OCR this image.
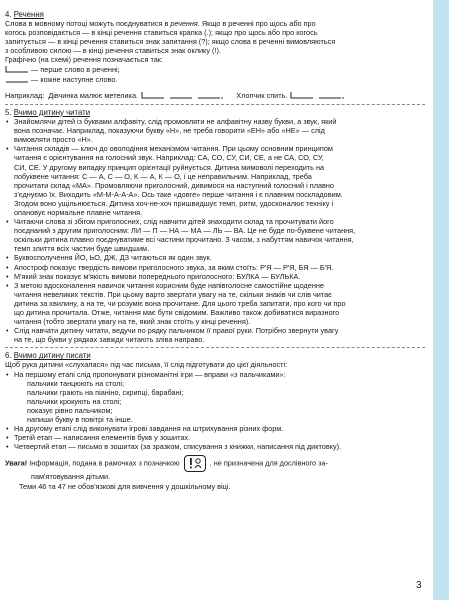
4. Речення

Слова в мовному потоці можуть поєднуватися в речення. Якщо в реченні про щось або про

когось розповідається — в кінці речення ставиться крапка (.); якщо про щось або про когось

запитується — в кінці речення ставиться знак запитання (?); якщо слова в реченні вимовляються

з особливою силою — в кінці речення ставиться знак оклику (!).

Графічно (на схемі) речення позначається так:

— перше слово в реченні;

— кожне наступне слово.

Наприклад: Дівчинка малює метелика.	Хлопчик спить.

5. Вчимо дитину читати

• Знайомлячи дітей із буквами алфавіту, слід промовляти не алфавітну назву букви, а звук, який

вона позначає. Наприклад, показуючи букву «Н», не треба говорити «ЕН» або «НЕ» — слід

вимовляти просто «Н».

• Читання складів — ключ до оволодіння механізмом читання. При цьому основним принципом

читання є орієнтування на голосний звук. Наприклад: СА, СО, СУ, СИ, СЕ, а не СА, СО, СУ,

СИ, СЕ. У другому випадку принцип орієнтації руйнується. Дитина мимоволі переходить на

побуквене читання: С — А, С — О, К — А, К — О, і це неправильним. Наприклад, треба

прочитати склад «МА». Промовляючи приголосний, дивимося на наступний голосний і плавно

з'єднуємо їх. Виходить «М-М-А-А-А». Ось таке «довге» перше читання і є плавним поскладовим.

Згодом воно ущільнюється. Дитина хоч-не-хоч пришвидшує темп, ритм, удосконалює техніку і

опановує нормальне плавне читання.

• Читаючи слова зі збігом приголосних, слід навчити дітей знаходити склад та прочитувати його

поєднаний з другим приголосним: ЛИ — П — НА — МА — ЛЬ — ВА. Це не буде по-буквене читання,

оскільки дитина плавно поєднуватиме всі частини прочитано. З часом, з набуттям навичок читання,

темп злиття всіх частин буде швидшим.

• Буквосполучення ЙО, ЬО, ДЖ, ДЗ читаються як один звук.

• Апостроф показує твердість вимови приголосного звука, за яким стоїть: Р'Я — Р'Я, БЯ — Б'Я.

• М'який знак показує м'якість вимови попереднього приголосного: БУЛКА — БУЛЬКА.

• З метою вдосконалення навичок читання корисним буде напівголосне самостійне щоденне

читання невеликих текстів. При цьому варто звертати увагу на те, скільки знаків чи слів читає

дитина за хвилину, а на те, чи розуміє вона прочитане. Для цього треба запитати, про кого чи про

що дитина прочитала. Отже, читання має бути свідомим. Важливо також добиватися виразного

читання (тобто звертати увагу на те, який знак стоїть у кінці речення).

• Слід навчати дитину читати, ведучи по рядку пальчиком її правої руки. Потрібно звернути увагу

на те, що букви у рядках завжди читають зліва направо.

6. Вчимо дитину писати

Щоб рука дитини «слухалася» під час письма, її слід підготувати до цієї діяльності:

• На першому етапі слід пропонувати різноманітні ігри — вправи «з пальчиками»:

пальчики танцюють на столі;

пальчики грають на піаніно, скрипці, барабані;

пальчики крокують на столі;

показує рівно пальчиком;

напиши букву в повітрі та інше.

• На другому етапі слід виконувати ігрові завдання на штрихування різних форм.

• Третій етап — написання елементів букв у зошитах.

• Четвертий етап — письмо в зошитах (за зразком, списування з книжки, написання під диктовку).

Увага! Інформація, подана в рамочках з позначкою	, не призначена для дослівного за-

пам'ятовування дітьми.

Теми 46 та 47 не обов'язкові для вивчення у дошкільному віці.

3
